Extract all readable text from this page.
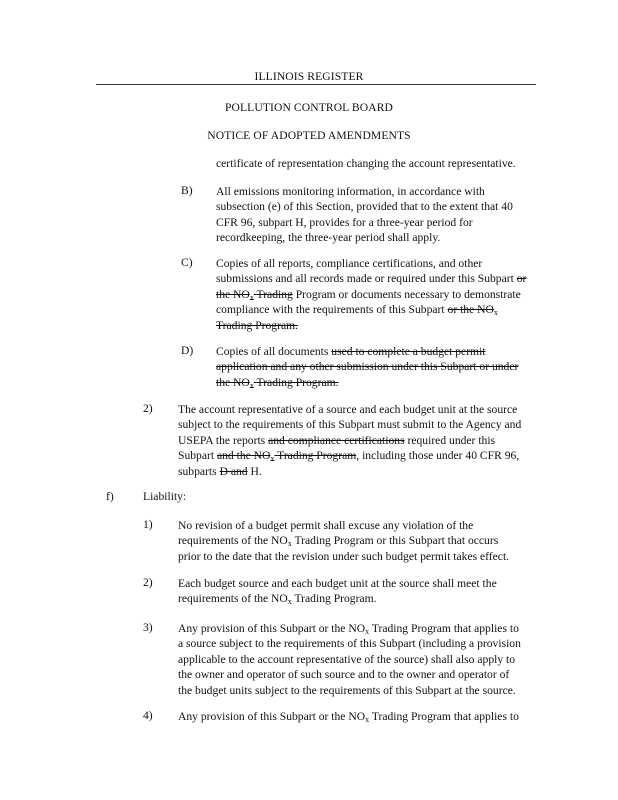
ILLINOIS REGISTER
POLLUTION CONTROL BOARD
NOTICE OF ADOPTED AMENDMENTS
certificate of representation changing the account representative.
B) All emissions monitoring information, in accordance with
subsection (e) of this Section, provided that to the extent that 40
CFR 96, subpart H, provides for a three-year period for
recordkeeping, the three-year period shall apply.
C) Copies of all reports, compliance certifications, and other
submissions and all records made or required under this Subpart or
the $NO_x$ Trading Program or documents necessary to demonstrate
compliance with the requirements of this Subpart or the $NO_x$
Trading Program.
D) Copies of all documents used to complete a budget permit
application and any other submission under this Subpart or under
the $NO_x$ Trading Program.
2) The account representative of a source and each budget unit at the source
subject to the requirements of this Subpart must submit to the Agency and
USEPA the reports and compliance certifications required under this
Subpart and the $NO_x$ Trading Program, including those under 40 CFR 96,
subparts D and H.
f)	Liability:
1) No revision of a budget permit shall excuse any violation of the
requirements of the $NO_x$ Trading Program or this Subpart that occurs
prior to the date that the revision under such budget permit takes effect.
2) Each budget source and each budget unit at the source shall meet the
requirements of the $NO_x$ Trading Program.
3) Any provision of this Subpart or the $NO_x$ Trading Program that applies to
a source subject to the requirements of this Subpart (including a provision
applicable to the account representative of the source) shall also apply to
the owner and operator of such source and to the owner and operator of
the budget units subject to the requirements of this Subpart at the source.
4) Any provision of this Subpart or the $NO_x$ Trading Program that applies to
